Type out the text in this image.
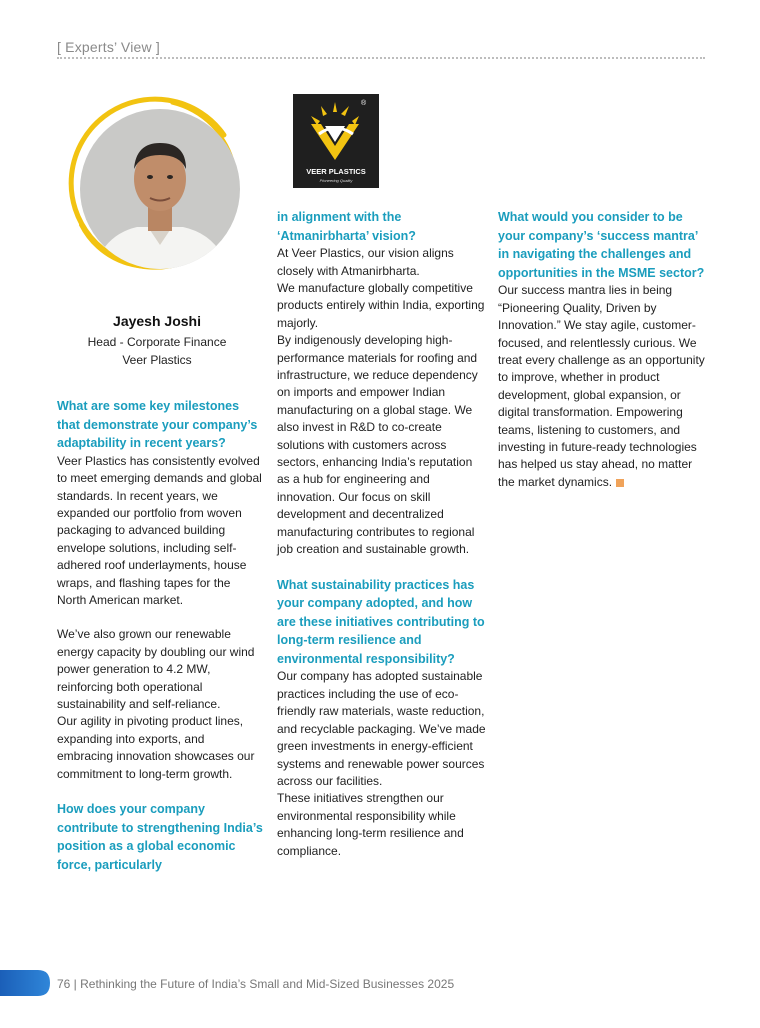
[ Experts’ View ]
Jayesh Joshi
Head - Corporate Finance
Veer Plastics
®
VEER PLASTICS
Pioneering Quality

What are some key milestones that demonstrate your company’s adaptability in recent years?

Veer Plastics has consistently evolved to meet emerging demands and global standards. In recent years, we expanded our portfolio from woven packaging to advanced building envelope solutions, including self-adhered roof underlayments, house wraps, and flashing tapes for the North American market.

We’ve also grown our renewable energy capacity by doubling our wind power generation to 4.2 MW, reinforcing both operational sustainability and self-reliance.

Our agility in pivoting product lines, expanding into exports, and embracing innovation showcases our commitment to long-term growth.

How does your company contribute to strengthening India’s position as a global economic force, particularly

in alignment with the ‘Atmanirbharta’ vision?

At Veer Plastics, our vision aligns closely with Atmanirbharta.

We manufacture globally competitive products entirely within India, exporting majorly.

By indigenously developing high-performance materials for roofing and infrastructure, we reduce dependency on imports and empower Indian manufacturing on a global stage. We also invest in R&D to co-create solutions with customers across sectors, enhancing India’s reputation as a hub for engineering and innovation. Our focus on skill development and decentralized manufacturing contributes to regional job creation and sustainable growth.

What sustainability practices has your company adopted, and how are these initiatives contributing to long-term resilience and environmental responsibility?

Our company has adopted sustainable practices including the use of eco-friendly raw materials, waste reduction, and recyclable packaging. We’ve made green investments in energy-efficient systems and renewable power sources across our facilities.

These initiatives strengthen our environmental responsibility while enhancing long-term resilience and compliance.

What would you consider to be your company’s ‘success mantra’ in navigating the challenges and opportunities in the MSME sector?

Our success mantra lies in being “Pioneering Quality, Driven by Innovation.” We stay agile, customer-focused, and relentlessly curious. We treat every challenge as an opportunity to improve, whether in product development, global expansion, or digital transformation. Empowering teams, listening to customers, and investing in future-ready technologies has helped us stay ahead, no matter the market dynamics.

76 | Rethinking the Future of India’s Small and Mid-Sized Businesses 2025
